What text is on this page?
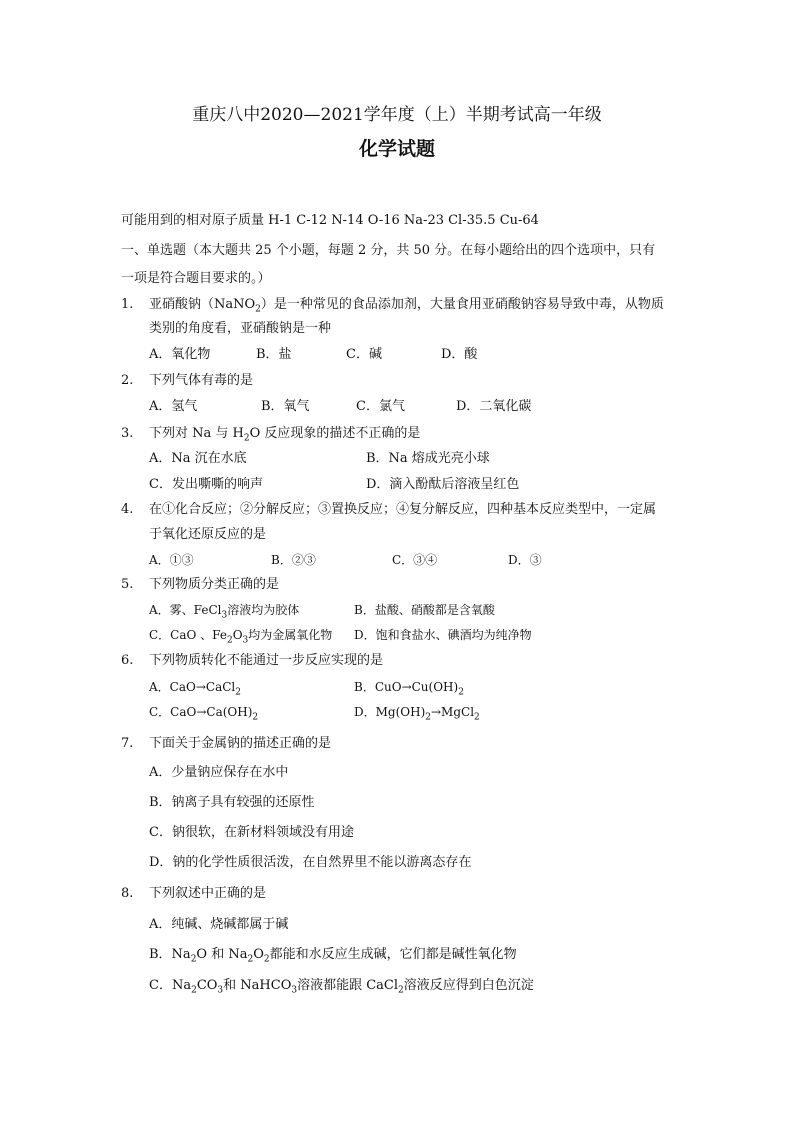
重庆八中2020—2021学年度（上）半期考试高一年级
化学试题
可能用到的相对原子质量 H-1 C-12 N-14 O-16 Na-23 Cl-35.5 Cu-64
一、单选题（本大题共 25 个小题，每题 2 分，共 50 分。在每小题给出的四个选项中，只有
一项是符合题目要求的。）
1. 亚硝酸钠（NaNO$_2$）是一种常见的食品添加剂，大量食用亚硝酸钠容易导致中毒，从物质
类别的角度看，亚硝酸钠是一种
A．氧化物	B．盐	C．碱	D．酸
2. 下列气体有毒的是
A．氢气	B．氧气	C．氯气	D．二氧化碳
3. 下列对 Na 与 $H_2O$ 反应现象的描述不正确的是
A．Na 沉在水底	B．Na 熔成光亮小球
C．发出嘶嘶的响声	D．滴入酚酞后溶液呈红色
4. 在①化合反应；②分解反应；③置换反应；④复分解反应，四种基本反应类型中，一定属
于氧化还原反应的是
A．①③	B．②③	C．③④	D．③
5. 下列物质分类正确的是
A．雾、FeCl$_3$溶液均为胶体	B．盐酸、硝酸都是含氧酸
C．CaO 、$Fe_2O_3$均为金属氧化物 D．饱和食盐水、碘酒均为纯净物
6. 下列物质转化不能通过一步反应实现的是
A．CaO→CaCl$_2$	B．$CuO\to Cu(OH)_2$
C．$CaO\to Ca(OH)_2$	D．$Mg(OH)_2\to MgCl_2$
7. 下面关于金属钠的描述正确的是
A．少量钠应保存在水中
B．钠离子具有较强的还原性
C．钠很软，在新材料领域没有用途
D．钠的化学性质很活泼，在自然界里不能以游离态存在
8. 下列叙述中正确的是
A．纯碱、烧碱都属于碱
B．$Na_2O$ 和 $Na_2O_2$都能和水反应生成碱，它们都是碱性氧化物
C．$Na_2CO_3$和 NaHCO$_3$溶液都能跟 CaCl$_2$溶液反应得到白色沉淀
